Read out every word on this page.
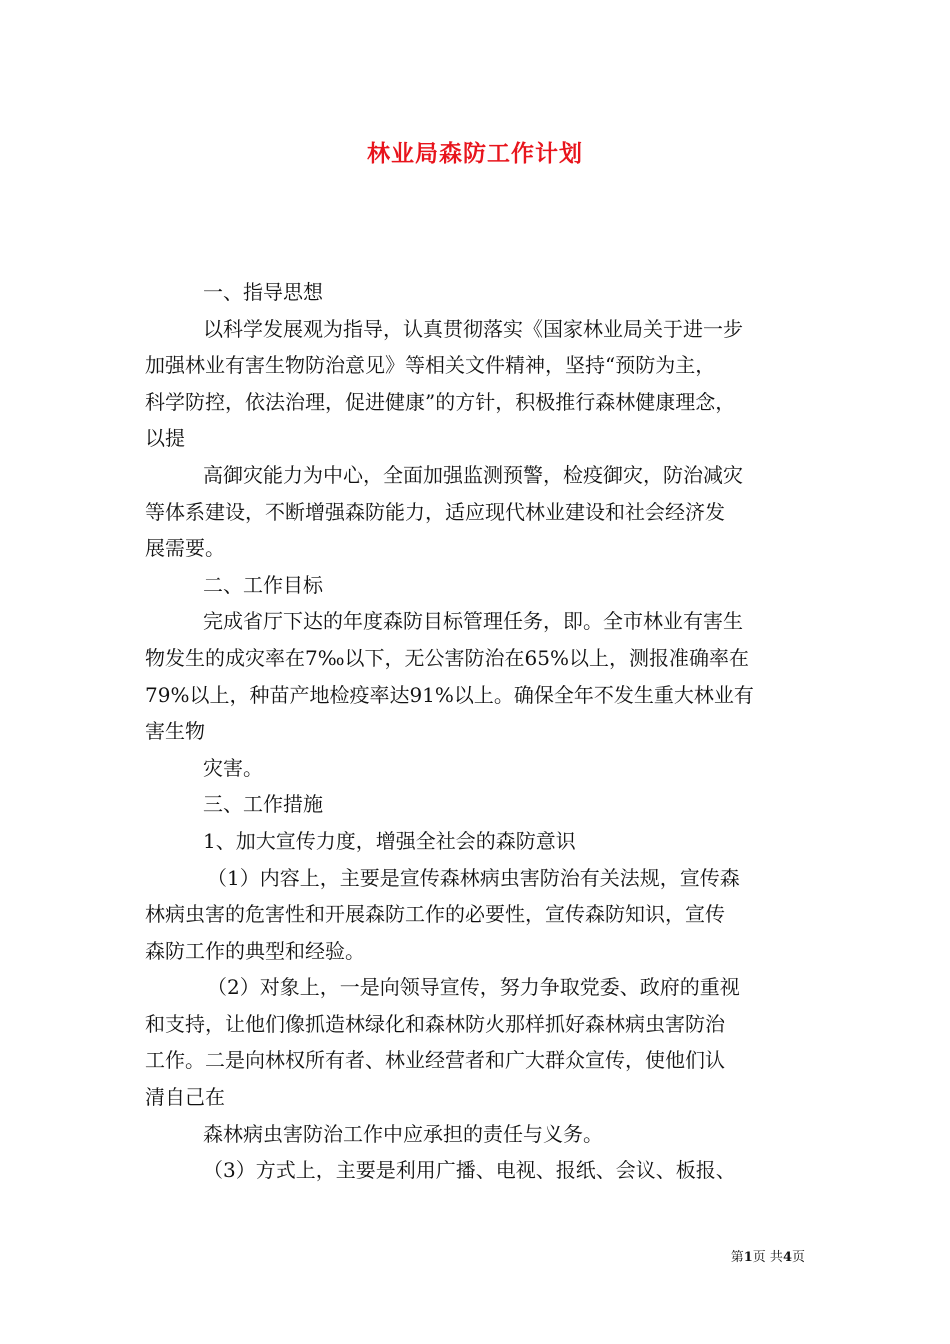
林业局森防工作计划
一、指导思想
以科学发展观为指导，认真贯彻落实《国家林业局关于进一步
加强林业有害生物防治意见》等相关文件精神，坚持“预防为主，
科学防控，依法治理，促进健康”的方针，积极推行森林健康理念，
以提
高御灾能力为中心，全面加强监测预警，检疫御灾，防治减灾
等体系建设，不断增强森防能力，适应现代林业建设和社会经济发
展需要。
二、工作目标
完成省厅下达的年度森防目标管理任务，即。全市林业有害生
物发生的成灾率在7‰以下，无公害防治在65%以上，测报准确率在
79%以上，种苗产地检疫率达91%以上。确保全年不发生重大林业有
害生物
灾害。
三、工作措施
1、加大宣传力度，增强全社会的森防意识
（1）内容上，主要是宣传森林病虫害防治有关法规，宣传森
林病虫害的危害性和开展森防工作的必要性，宣传森防知识，宣传
森防工作的典型和经验。
（2）对象上，一是向领导宣传，努力争取党委、政府的重视
和支持，让他们像抓造林绿化和森林防火那样抓好森林病虫害防治
工作。二是向林权所有者、林业经营者和广大群众宣传，使他们认
清自己在
森林病虫害防治工作中应承担的责任与义务。
（3）方式上，主要是利用广播、电视、报纸、会议、板报、
第1页 共4页
